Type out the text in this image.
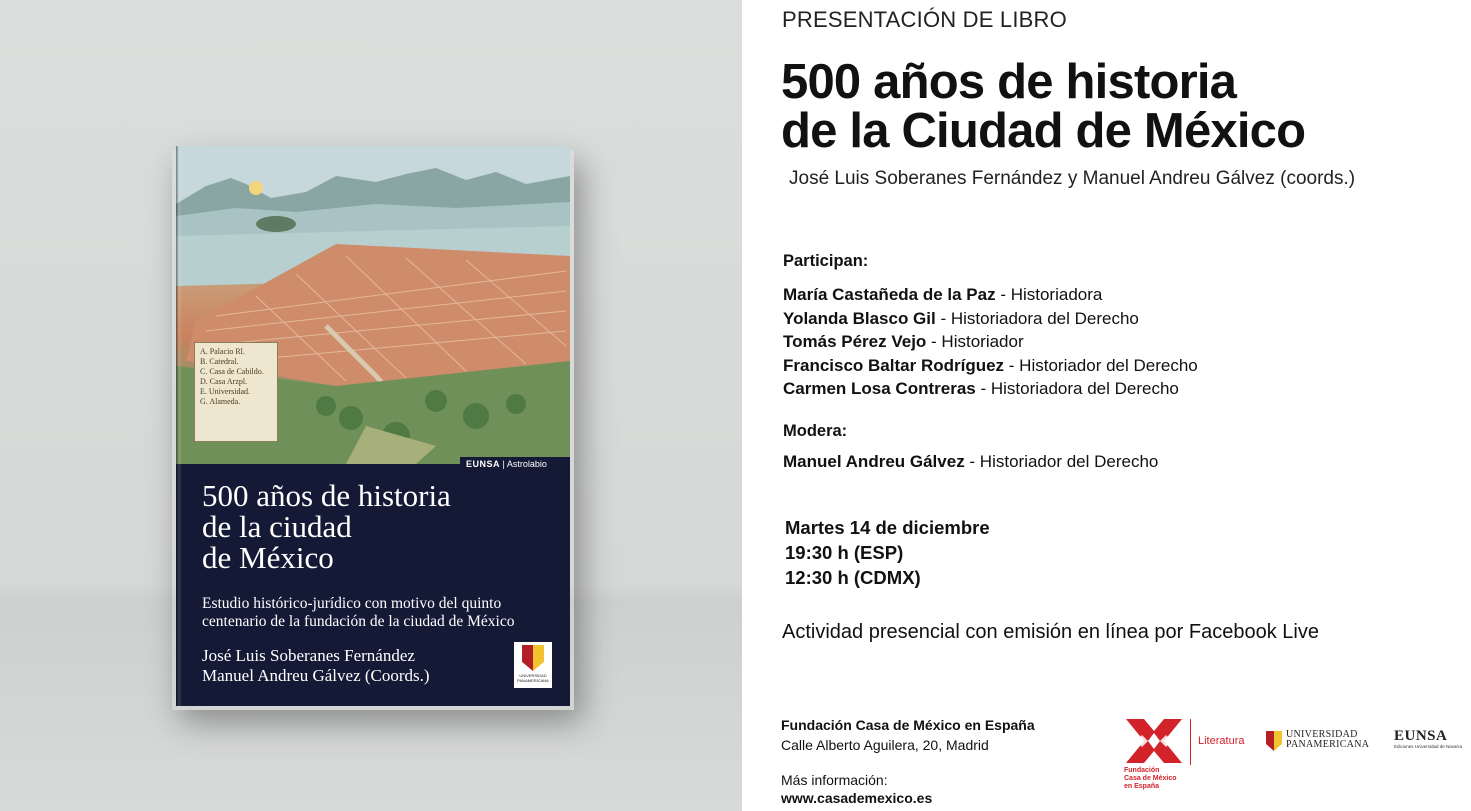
A. Palacio Rl.
B. Catedral.
C. Casa de Cabildo.
D. Casa Arzpl.
E. Universidad.
G. Alameda.
EUNSA | Astrolabio
500 años de historia
de la ciudad
de México
Estudio histórico-jurídico con motivo del quinto
centenario de la fundación de la ciudad de México
José Luis Soberanes Fernández
Manuel Andreu Gálvez (Coords.)	UNIVERSIDAD PANAMERICANA
PRESENTACIÓN DE LIBRO
500 años de historia
de la Ciudad de México
José Luis Soberanes Fernández y Manuel Andreu Gálvez (coords.)
Participan:
María Castañeda de la Paz - Historiadora
Yolanda Blasco Gil - Historiadora del Derecho
Tomás Pérez Vejo - Historiador
Francisco Baltar Rodríguez - Historiador del Derecho
Carmen Losa Contreras - Historiadora del Derecho
Modera:
Manuel Andreu Gálvez - Historiador del Derecho
Martes 14 de diciembre
19:30 h (ESP)
12:30 h (CDMX)
Actividad presencial con emisión en línea por Facebook Live
Fundación Casa de México en España
Calle Alberto Aguilera, 20, Madrid
Más información:
www.casademexico.es
Fundación
Casa de México
en España
Literatura
UNIVERSIDAD
PANAMERICANA
EUNSA
Ediciones Universidad de Navarra
